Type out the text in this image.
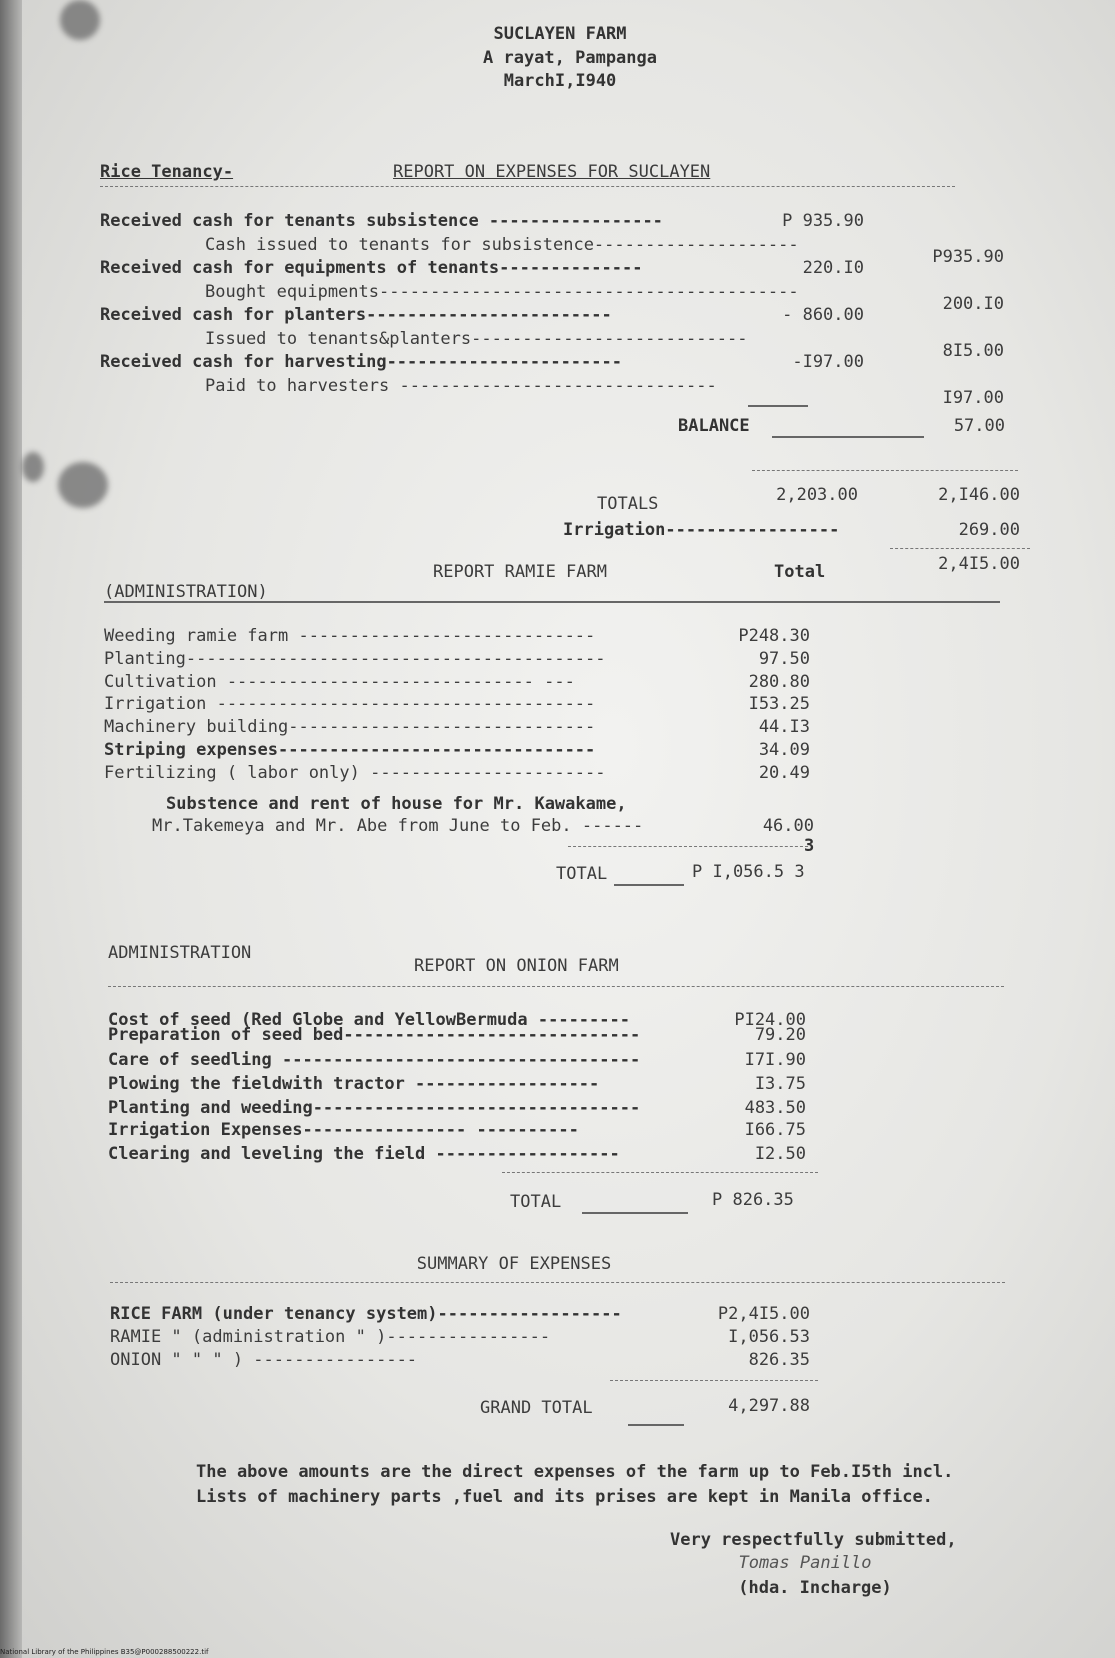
SUCLAYEN FARM
A rayat, Pampanga
MarchI,I940
Rice Tenancy-	REPORT ON EXPENSES FOR SUCLAYEN
Received cash for tenants subsistence -----------------	P 935.90
Cash issued to tenants for subsistence--------------------
P935.90
Received cash for equipments of tenants--------------	220.I0
Bought equipments-----------------------------------------
200.I0
Received cash for planters------------------------	- 860.00
Issued to tenants&planters---------------------------
8I5.00
Received cash for harvesting-----------------------	-I97.00
Paid to harvesters -------------------------------
I97.00
BALANCE	57.00
TOTALS	2,203.00	2,I46.00
Irrigation-----------------	269.00
2,4I5.00
REPORT RAMIE FARM	Total
(ADMINISTRATION)
Weeding ramie farm -----------------------------	P248.30
Planting-----------------------------------------	97.50
Cultivation ------------------------------ ---	280.80
Irrigation -------------------------------------	I53.25
Machinery building------------------------------	44.I3
Striping expenses-------------------------------	34.09
Fertilizing ( labor only) -----------------------	20.49
Substence and rent of house for Mr. Kawakame,
Mr.Takemeya and Mr. Abe from June to Feb. ------	46.00
3
TOTAL	P I,056.5 3
ADMINISTRATION
REPORT ON ONION FARM
Cost of seed (Red Globe and YellowBermuda ---------	PI24.00
Preparation of seed bed-----------------------------	79.20
Care of seedling -----------------------------------	I7I.90
Plowing the fieldwith tractor ------------------	I3.75
Planting and weeding--------------------------------	483.50
Irrigation Expenses---------------- ----------	I66.75
Clearing and leveling the field ------------------	I2.50
TOTAL	P 826.35
SUMMARY OF EXPENSES
RICE FARM (under tenancy system)------------------	P2,4I5.00
RAMIE " (administration " )----------------	I,056.53
ONION " " " ) ----------------	826.35
GRAND TOTAL	4,297.88
The above amounts are the direct expenses of the farm up to Feb.I5th incl.
Lists of machinery parts ,fuel and its prises are kept in Manila office.
Very respectfully submitted,
Tomas Panillo
(hda. Incharge)
National Library of the Philippines B35@P000288500222.tif
